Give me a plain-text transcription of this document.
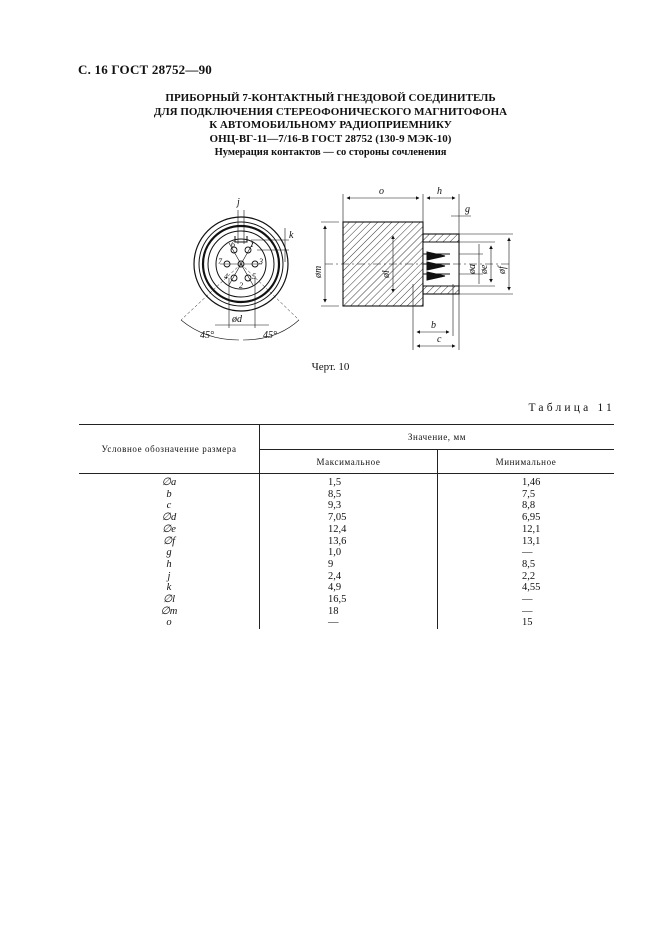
С. 16 ГОСТ 28752—90
ПРИБОРНЫЙ 7-КОНТАКТНЫЙ ГНЕЗДОВОЙ СОЕДИНИТЕЛЬ
ДЛЯ ПОДКЛЮЧЕНИЯ СТЕРЕОФОНИЧЕСКОГО МАГНИТОФОНА
К АВТОМОБИЛЬНОМУ РАДИОПРИЕМНИКУ
ОНЦ-ВГ-11—7/16-В ГОСТ 28752 (130-9 МЭК-10)
Нумерация контактов — со стороны сочленения
6 1
7	3
4	5
2
j
k
ød
45°	45°
o	h
g
øm	øl
øa øe øf
b
c
Черт. 10
Таблица 11
Условное обозначение размера	Значение, мм	
	Максимальное	Минимальное
∅a	1,5	1,46
b	8,5	7,5
c	9,3	8,8
∅d	7,05	6,95
∅e	12,4	12,1
∅f	13,6	13,1
g	1,0	—
h	9	8,5
j	2,4	2,2
k	4,9	4,55
∅l	16,5	—
∅m	18	—
o	—	15
